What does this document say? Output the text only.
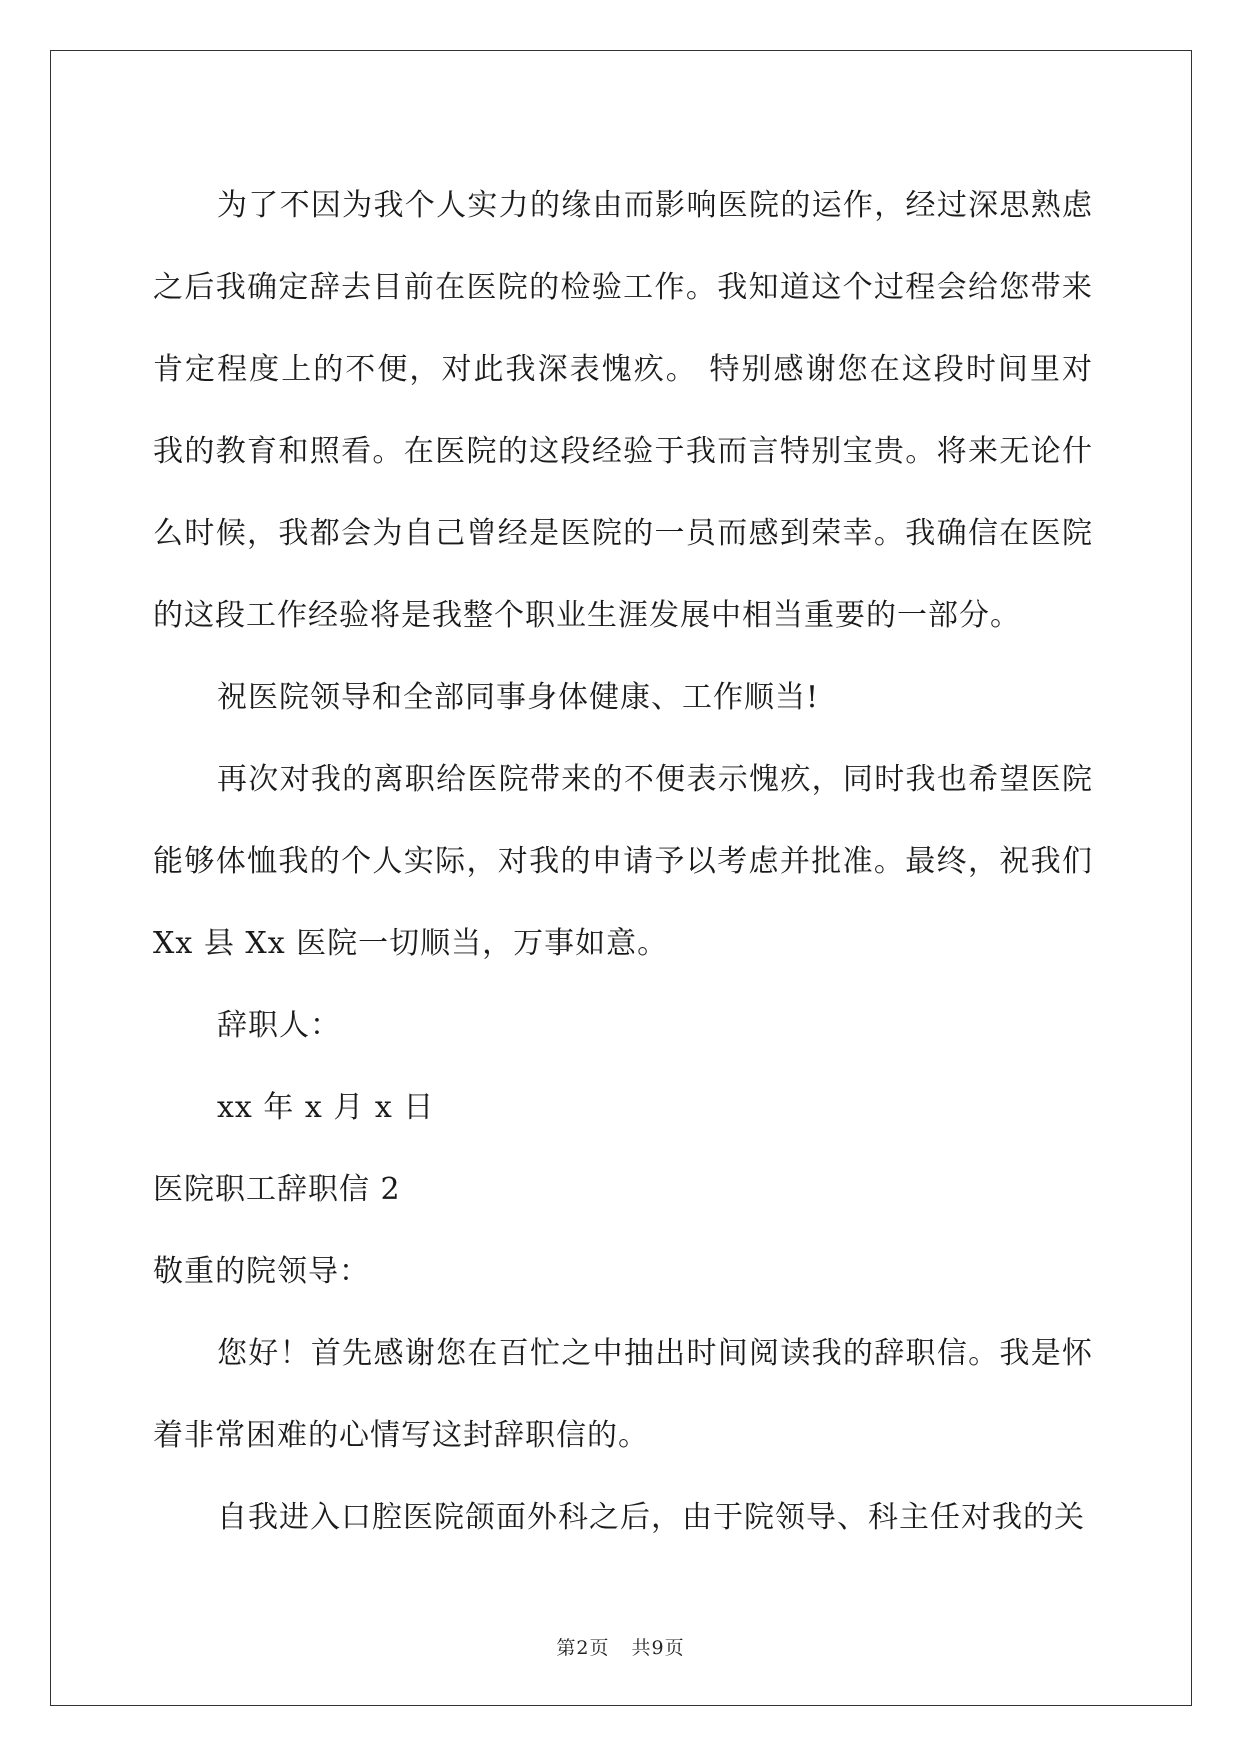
为了不因为我个人实力的缘由而影响医院的运作，经过深思熟虑之后我确定辞去目前在医院的检验工作。我知道这个过程会给您带来肯定程度上的不便，对此我深表愧疚。 特别感谢您在这段时间里对我的教育和照看。在医院的这段经验于我而言特别宝贵。将来无论什么时候，我都会为自己曾经是医院的一员而感到荣幸。我确信在医院的这段工作经验将是我整个职业生涯发展中相当重要的一部分。

祝医院领导和全部同事身体健康、工作顺当!

再次对我的离职给医院带来的不便表示愧疚，同时我也希望医院能够体恤我的个人实际，对我的申请予以考虑并批准。最终，祝我们 Xx 县 Xx 医院一切顺当，万事如意。

辞职人：

xx 年 x 月 x 日

医院职工辞职信 2

敬重的院领导：

您好！首先感谢您在百忙之中抽出时间阅读我的辞职信。我是怀着非常困难的心情写这封辞职信的。

自我进入口腔医院颌面外科之后，由于院领导、科主任对我的关

第2页 共9页
